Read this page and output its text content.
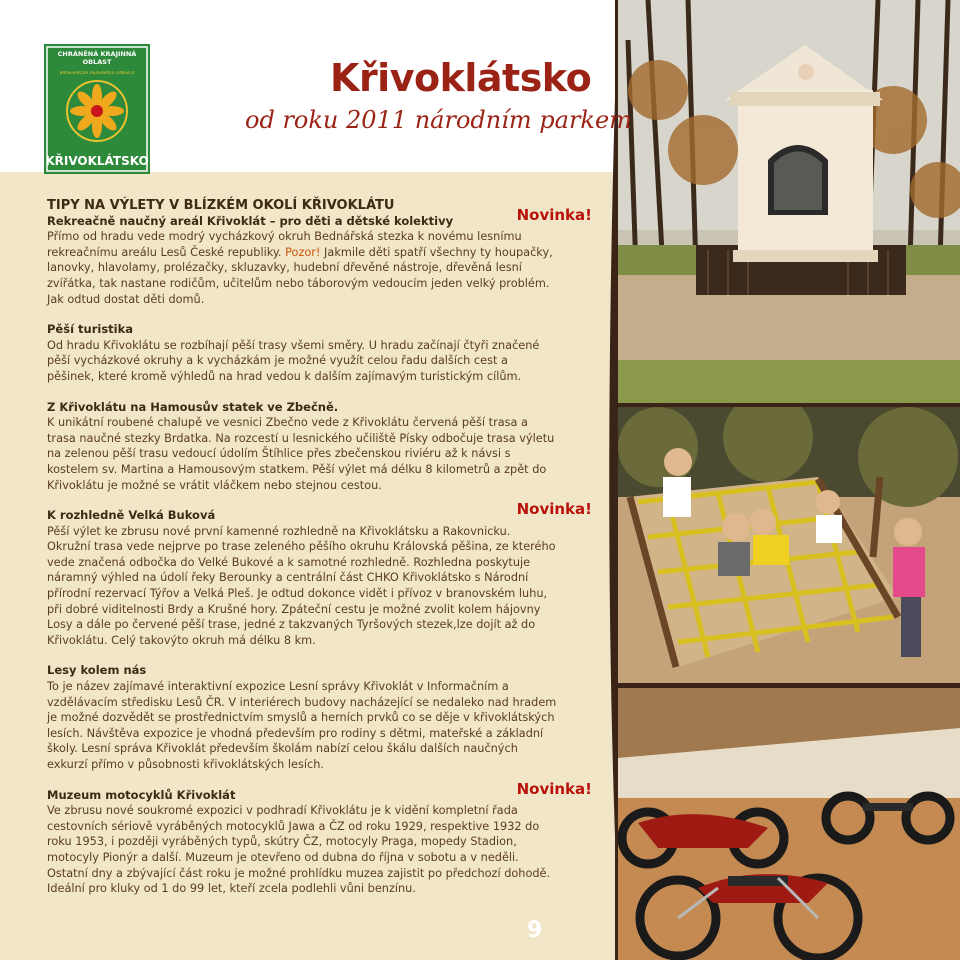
CHRÁNĚNÁ KRAJINNÁ
OBLAST
BIOSFÉRICKÁ REZERVACE UNESCO
KŘIVOKLÁTSKO
Křivoklátsko
od roku 2011 národním parkem

TIPY NA VÝLETY V BLÍZKÉM OKOLÍ KŘIVOKLÁTU

Novinka!

Rekreačně naučný areál Křivoklát – pro děti a dětské kolektivy

Přímo od hradu vede modrý vycházkový okruh Bednářská stezka k novému lesnímu rekreačnímu areálu Lesů České republiky. Pozor! Jakmile děti spatří všechny ty houpačky, lanovky, hlavolamy, prolézačky, skluzavky, hudební dřevěné nástroje, dřevěná lesní zvířátka, tak nastane rodičům, učitelům nebo táborovým vedoucím jeden velký problém. Jak odtud dostat děti domů.

Pěší turistika

Od hradu Křivoklátu se rozbíhají pěší trasy všemi směry. U hradu začínají čtyři značené pěší vycházkové okruhy a k vycházkám je možné využít celou řadu dalších cest a pěšinek, které kromě výhledů na hrad vedou k dalším zajímavým turistickým cílům.

Z Křivoklátu na Hamousův statek ve Zbečně.

K unikátní roubené chalupě ve vesnici Zbečno vede z Křivoklátu červená pěší trasa a trasa naučné stezky Brdatka. Na rozcestí u lesnického učiliště Písky odbočuje trasa výletu na zelenou pěší trasu vedoucí údolím Štíhlice přes zbečenskou riviéru až k návsi s kostelem sv. Martina a Hamousovým statkem. Pěší výlet má délku 8 kilometrů a zpět do Křivoklátu je možné se vrátit vláčkem nebo stejnou cestou.

Novinka!

K rozhledně Velká Buková

Pěší výlet ke zbrusu nové první kamenné rozhledně na Křivoklátsku a Rakovnicku. Okružní trasa vede nejprve po trase zeleného pěšího okruhu Královská pěšina, ze kterého vede značená odbočka do Velké Bukové a k samotné rozhledně. Rozhledna poskytuje náramný výhled na údolí řeky Berounky a centrální část CHKO Křivoklátsko s Národní přírodní rezervací Týřov a Velká Pleš. Je odtud dokonce vidět i přívoz v branovském luhu, při dobré viditelnosti Brdy a Krušné hory. Zpáteční cestu je možné zvolit kolem hájovny Losy a dále po červené pěší trase, jedné z takzvaných Tyršových stezek,lze dojít až do Křivoklátu. Celý takovýto okruh má délku 8 km.

Lesy kolem nás

To je název zajímavé interaktivní expozice Lesní správy Křivoklát v Informačním a vzdělávacím středisku Lesů ČR. V interiérech budovy nacházející se nedaleko nad hradem je možné dozvědět se prostřednictvím smyslů a herních prvků co se děje v křivoklátských lesích. Návštěva expozice je vhodná především pro rodiny s dětmi, mateřské a základní školy. Lesní správa Křivoklát především školám nabízí celou škálu dalších naučných exkurzí přímo v působnosti křivoklátských lesích.

Novinka!

Muzeum motocyklů Křivoklát

Ve zbrusu nové soukromé expozici v podhradí Křivoklátu je k vidění kompletní řada cestovních sériově vyráběných motocyklů Jawa a ČZ od roku 1929, respektive 1932 do roku 1953, i později vyráběných typů, skútry ČZ, motocyly Praga, mopedy Stadion, motocyly Pionýr a další. Muzeum je otevřeno od dubna do října v sobotu a v neděli. Ostatní dny a zbývající část roku je možné prohlídku muzea zajistit po předchozí dohodě. Ideální pro kluky od 1 do 99 let, kteří zcela podlehli vůni benzínu.

9
